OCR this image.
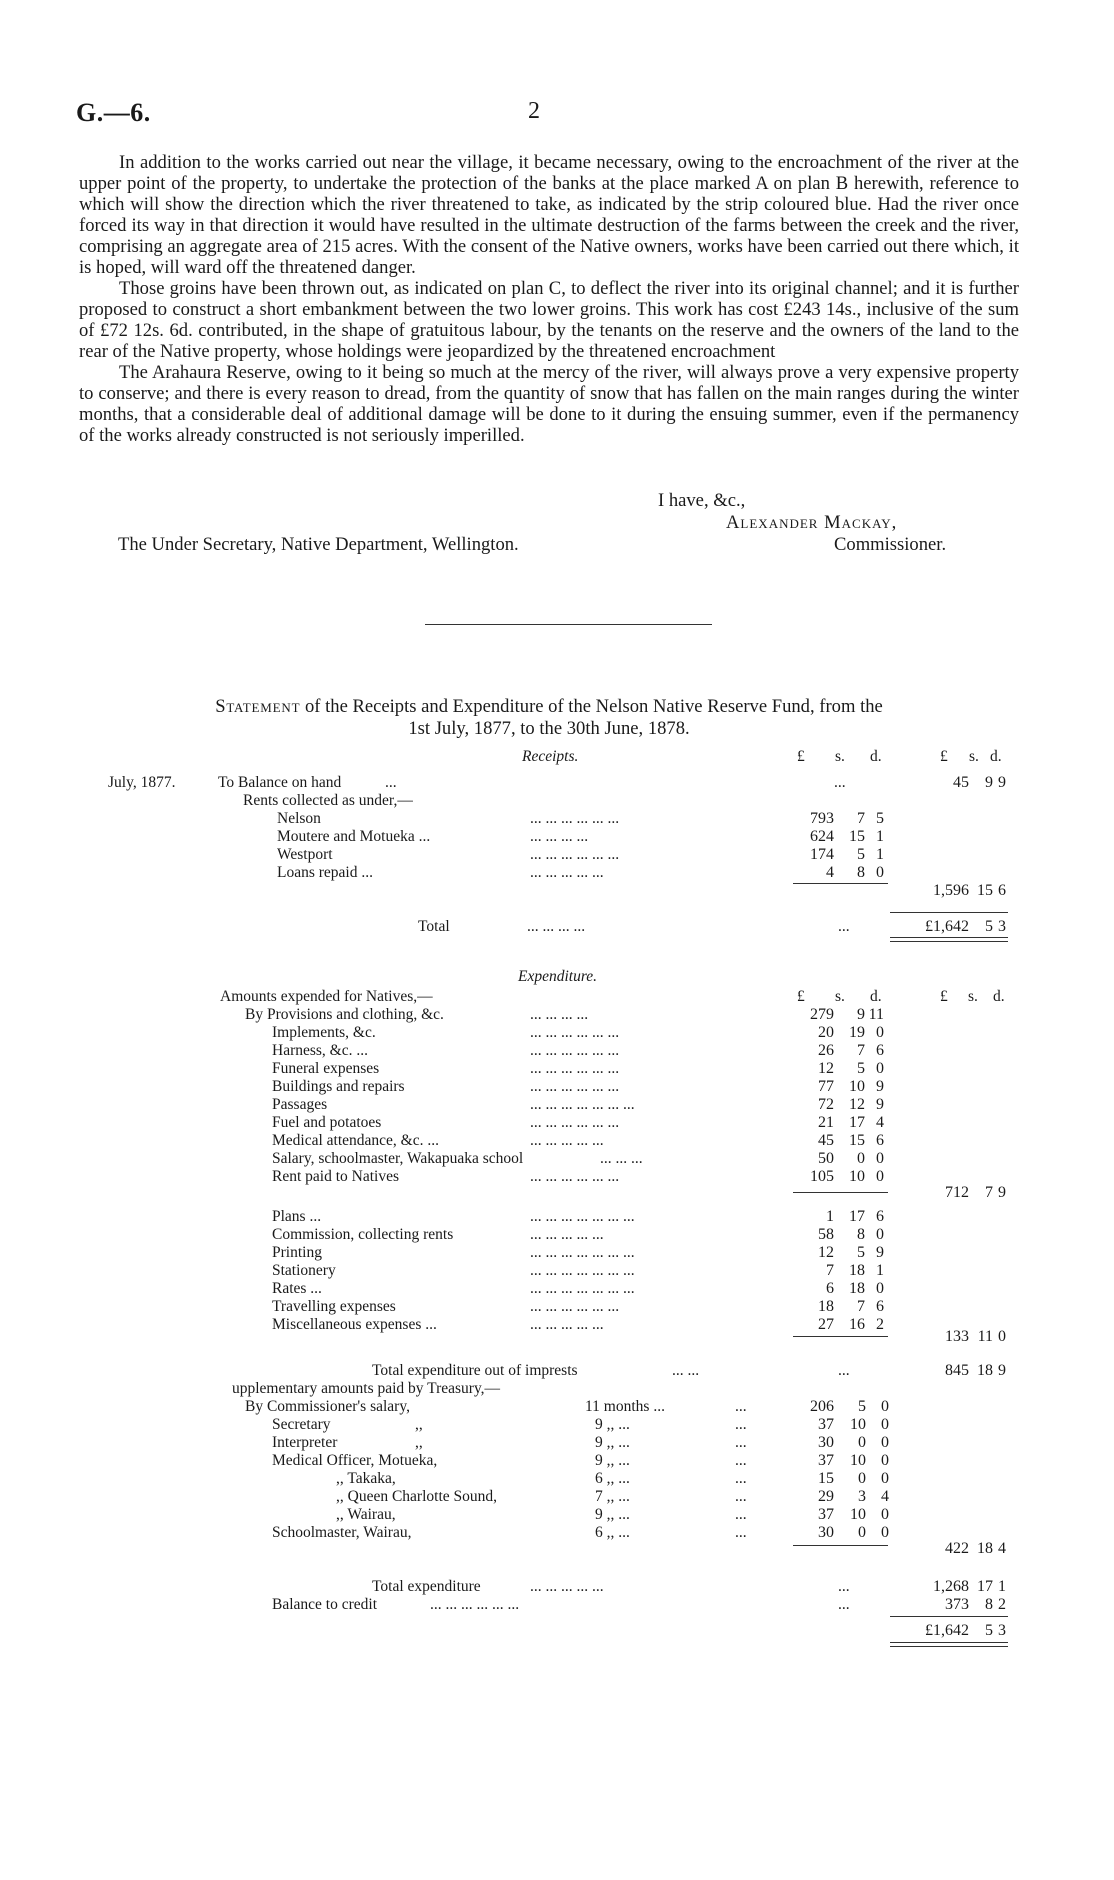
G.—6.	2

In addition to the works carried out near the village, it became necessary, owing to the encroachment of the river at the upper point of the property, to undertake the protection of the banks at the place marked A on plan B herewith, reference to which will show the direction which the river threatened to take, as indicated by the strip coloured blue. Had the river once forced its way in that direction it would have resulted in the ultimate destruction of the farms between the creek and the river, comprising an aggregate area of 215 acres. With the consent of the Native owners, works have been carried out there which, it is hoped, will ward off the threatened danger.

Those groins have been thrown out, as indicated on plan C, to deflect the river into its original channel; and it is further proposed to construct a short embankment between the two lower groins. This work has cost £243 14s., inclusive of the sum of £72 12s. 6d. contributed, in the shape of gratuitous labour, by the tenants on the reserve and the owners of the land to the rear of the Native property, whose holdings were jeopardized by the threatened encroachment

The Arahaura Reserve, owing to it being so much at the mercy of the river, will always prove a very expensive property to conserve; and there is every reason to dread, from the quantity of snow that has fallen on the main ranges during the winter months, that a considerable deal of additional damage will be done to it during the ensuing summer, even if the permanency of the works already constructed is not seriously imperilled.

I have, &c.,
Alexander Mackay,
The Under Secretary, Native Department, Wellington.	Commissioner.
Statement of the Receipts and Expenditure of the Nelson Native Reserve Fund, from the
1st July, 1877, to the 30th June, 1878.
Receipts.	£ s. d.	£ s. d.
July, 1877.	To Balance on hand	...	...	45 9 9
Rents collected as under,—
Nelson	... ... ... ... ... ...	793 7 5
Moutere and Motueka ...	... ... ... ...	624 15 1
Westport	... ... ... ... ... ...	174 5 1
Loans repaid ...	... ... ... ... ...	4 8 0
1,596 15 6
Total	... ... ... ...	...	£1,642 5 3
Expenditure.
Amounts expended for Natives,—	£ s. d.	£ s. d.
By Provisions and clothing, &c.	... ... ... ...	279 9 11
Implements, &c.	... ... ... ... ... ...	20 19 0
Harness, &c. ...	... ... ... ... ... ...	26 7 6
Funeral expenses	... ... ... ... ... ...	12 5 0
Buildings and repairs	... ... ... ... ... ...	77 10 9
Passages	... ... ... ... ... ... ...	72 12 9
Fuel and potatoes	... ... ... ... ... ...	21 17 4
Medical attendance, &c. ...	... ... ... ... ...	45 15 6
Salary, schoolmaster, Wakapuaka school	... ... ...	50 0 0
Rent paid to Natives	... ... ... ... ... ...	105 10 0
712 7 9
Plans ...	... ... ... ... ... ... ...	1 17 6
Commission, collecting rents	... ... ... ... ...	58 8 0
Printing	... ... ... ... ... ... ...	12 5 9
Stationery	... ... ... ... ... ... ...	7 18 1
Rates ...	... ... ... ... ... ... ...	6 18 0
Travelling expenses	... ... ... ... ... ...	18 7 6
Miscellaneous expenses ...	... ... ... ... ...	27 16 2
133 11 0
Total expenditure out of imprests	... ...	...	845 18 9
upplementary amounts paid by Treasury,—
By Commissioner's salary,	11 months ...	...	206 5 0
Secretary	,,	9 ,, ...	...	37 10 0
Interpreter	,,	9 ,, ...	...	30 0 0
Medical Officer, Motueka,	9 ,, ...	...	37 10 0
,, Takaka,	6 ,, ...	...	15 0 0
,, Queen Charlotte Sound,	7 ,, ...	...	29 3 4
,, Wairau,	9 ,, ...	...	37 10 0
Schoolmaster, Wairau,	6 ,, ...	...	30 0 0
422 18 4
Total expenditure	... ... ... ... ...	...	1,268 17 1
Balance to credit	... ... ... ... ... ...	...	373 8 2
£1,642 5 3
